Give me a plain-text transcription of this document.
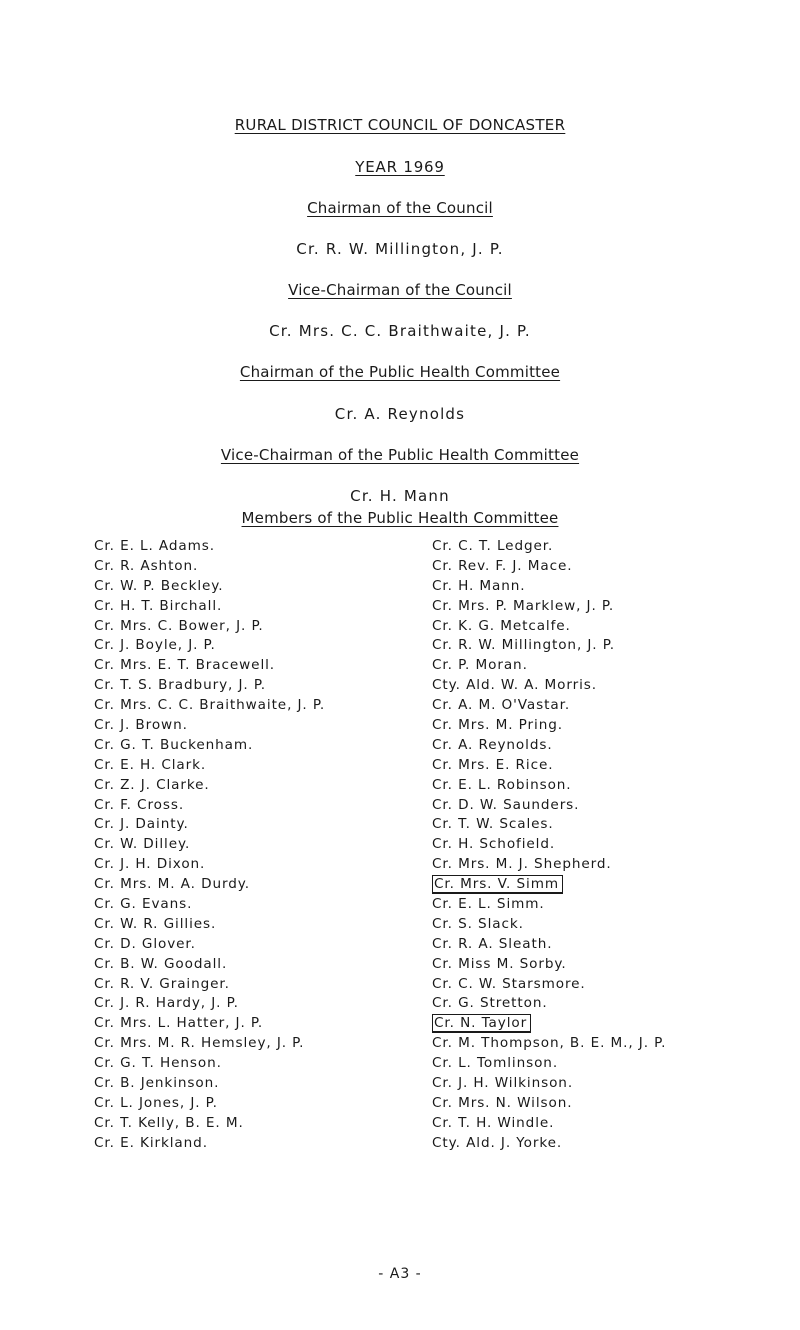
RURAL DISTRICT COUNCIL OF DONCASTER
YEAR 1969
Chairman of the Council
Cr. R. W. Millington, J. P.
Vice-Chairman of the Council
Cr. Mrs. C. C. Braithwaite, J. P.
Chairman of the Public Health Committee
Cr. A. Reynolds
Vice-Chairman of the Public Health Committee
Cr. H. Mann
Members of the Public Health Committee
Cr. E. L. Adams.
Cr. R. Ashton.
Cr. W. P. Beckley.
Cr. H. T. Birchall.
Cr. Mrs. C. Bower, J. P.
Cr. J. Boyle, J. P.
Cr. Mrs. E. T. Bracewell.
Cr. T. S. Bradbury, J. P.
Cr. Mrs. C. C. Braithwaite, J. P.
Cr. J. Brown.
Cr. G. T. Buckenham.
Cr. E. H. Clark.
Cr. Z. J. Clarke.
Cr. F. Cross.
Cr. J. Dainty.
Cr. W. Dilley.
Cr. J. H. Dixon.
Cr. Mrs. M. A. Durdy.
Cr. G. Evans.
Cr. W. R. Gillies.
Cr. D. Glover.
Cr. B. W. Goodall.
Cr. R. V. Grainger.
Cr. J. R. Hardy, J. P.
Cr. Mrs. L. Hatter, J. P.
Cr. Mrs. M. R. Hemsley, J. P.
Cr. G. T. Henson.
Cr. B. Jenkinson.
Cr. L. Jones, J. P.
Cr. T. Kelly, B. E. M.
Cr. E. Kirkland.
Cr. C. T. Ledger.
Cr. Rev. F. J. Mace.
Cr. H. Mann.
Cr. Mrs. P. Marklew, J. P.
Cr. K. G. Metcalfe.
Cr. R. W. Millington, J. P.
Cr. P. Moran.
Cty. Ald. W. A. Morris.
Cr. A. M. O'Vastar.
Cr. Mrs. M. Pring.
Cr. A. Reynolds.
Cr. Mrs. E. Rice.
Cr. E. L. Robinson.
Cr. D. W. Saunders.
Cr. T. W. Scales.
Cr. H. Schofield.
Cr. Mrs. M. J. Shepherd.
Cr. Mrs. V. Simm
Cr. E. L. Simm.
Cr. S. Slack.
Cr. R. A. Sleath.
Cr. Miss M. Sorby.
Cr. C. W. Starsmore.
Cr. G. Stretton.
Cr. N. Taylor
Cr. M. Thompson, B. E. M., J. P.
Cr. L. Tomlinson.
Cr. J. H. Wilkinson.
Cr. Mrs. N. Wilson.
Cr. T. H. Windle.
Cty. Ald. J. Yorke.
- A3 -
